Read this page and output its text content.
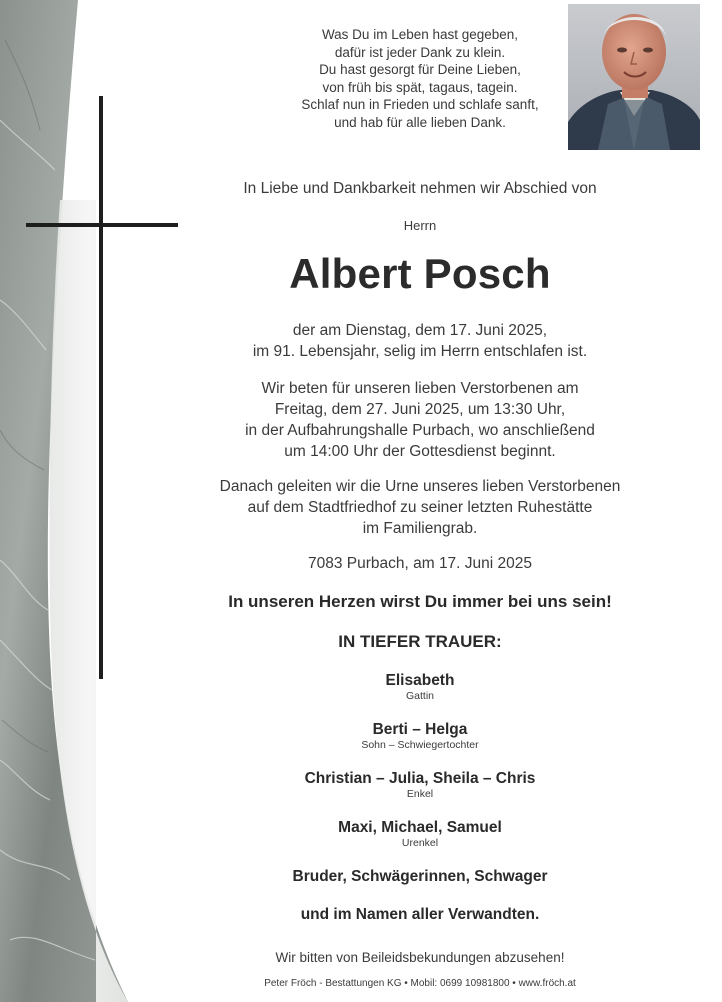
Was Du im Leben hast gegeben,
dafür ist jeder Dank zu klein.
Du hast gesorgt für Deine Lieben,
von früh bis spät, tagaus, tagein.
Schlaf nun in Frieden und schlafe sanft,
und hab für alle lieben Dank.
In Liebe und Dankbarkeit nehmen wir Abschied von
Herrn
Albert Posch
der am Dienstag, dem 17. Juni 2025,
im 91. Lebensjahr, selig im Herrn entschlafen ist.
Wir beten für unseren lieben Verstorbenen am
Freitag, dem 27. Juni 2025, um 13:30 Uhr,
in der Aufbahrungshalle Purbach, wo anschließend
um 14:00 Uhr der Gottesdienst beginnt.
Danach geleiten wir die Urne unseres lieben Verstorbenen
auf dem Stadtfriedhof zu seiner letzten Ruhestätte
im Familiengrab.
7083 Purbach, am 17. Juni 2025
In unseren Herzen wirst Du immer bei uns sein!
IN TIEFER TRAUER:
Elisabeth
Gattin
Berti – Helga
Sohn – Schwiegertochter
Christian – Julia, Sheila – Chris
Enkel
Maxi, Michael, Samuel
Urenkel
Bruder, Schwägerinnen, Schwager
und im Namen aller Verwandten.
Wir bitten von Beileidsbekundungen abzusehen!
Peter Fröch - Bestattungen KG • Mobil: 0699 10981800 • www.fröch.at
